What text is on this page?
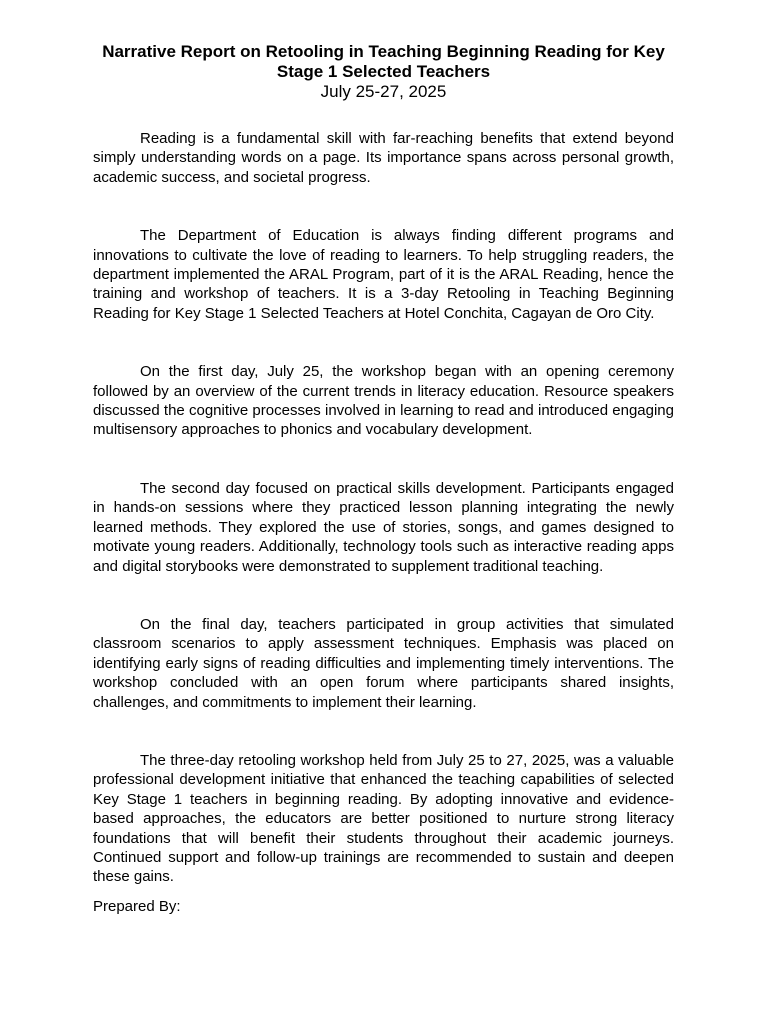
Narrative Report on Retooling in Teaching Beginning Reading for Key Stage 1 Selected Teachers

July 25-27, 2025

Reading is a fundamental skill with far-reaching benefits that extend beyond simply understanding words on a page. Its importance spans across personal growth, academic success, and societal progress.

The Department of Education is always finding different programs and innovations to cultivate the love of reading to learners. To help struggling readers, the department implemented the ARAL Program, part of it is the ARAL Reading, hence the training and workshop of teachers. It is a 3-day Retooling in Teaching Beginning Reading for Key Stage 1 Selected Teachers at Hotel Conchita, Cagayan de Oro City.

On the first day, July 25, the workshop began with an opening ceremony followed by an overview of the current trends in literacy education. Resource speakers discussed the cognitive processes involved in learning to read and introduced engaging multisensory approaches to phonics and vocabulary development.

The second day focused on practical skills development. Participants engaged in hands-on sessions where they practiced lesson planning integrating the newly learned methods. They explored the use of stories, songs, and games designed to motivate young readers. Additionally, technology tools such as interactive reading apps and digital storybooks were demonstrated to supplement traditional teaching.

On the final day, teachers participated in group activities that simulated classroom scenarios to apply assessment techniques. Emphasis was placed on identifying early signs of reading difficulties and implementing timely interventions. The workshop concluded with an open forum where participants shared insights, challenges, and commitments to implement their learning.

The three-day retooling workshop held from July 25 to 27, 2025, was a valuable professional development initiative that enhanced the teaching capabilities of selected Key Stage 1 teachers in beginning reading. By adopting innovative and evidence-based approaches, the educators are better positioned to nurture strong literacy foundations that will benefit their students throughout their academic journeys. Continued support and follow-up trainings are recommended to sustain and deepen these gains.

Prepared By:
